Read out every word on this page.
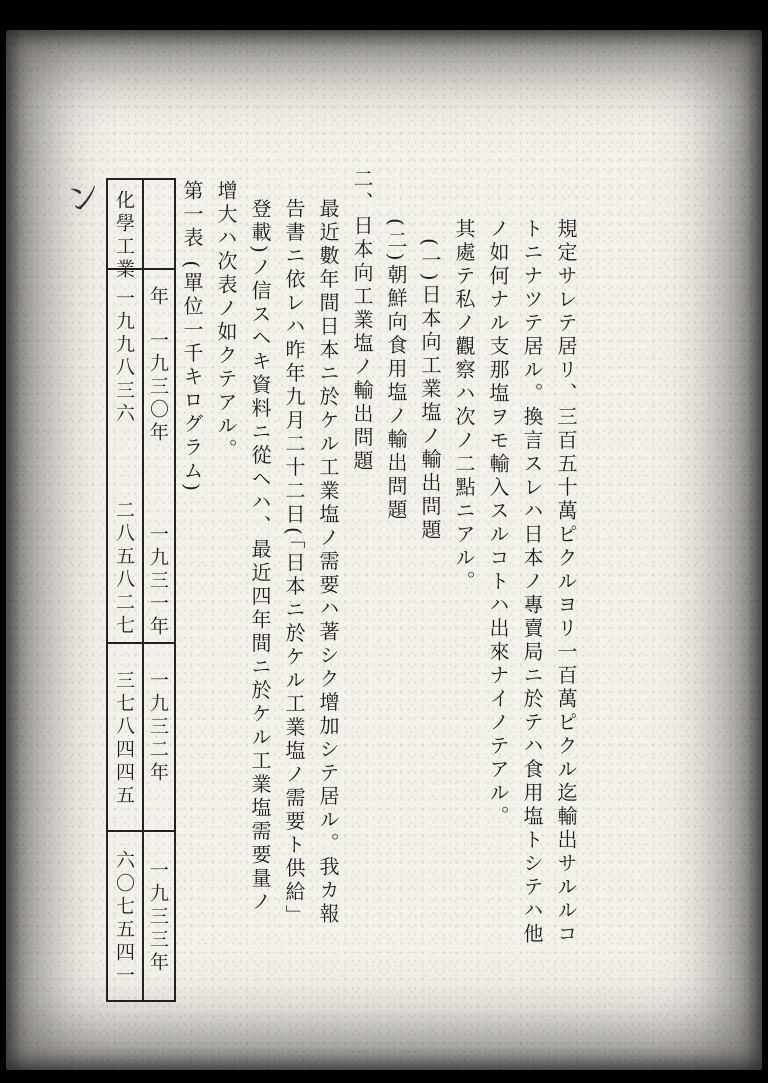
規定サレテ居リ、三百五十萬ピクルヨリ一百萬ピクル迄輸出サルルコ
トニナツテ居ル。換言スレハ日本ノ專賣局ニ於テハ食用塩トシテハ他
ノ如何ナル支那塩ヲモ輸入スルコトハ出來ナイノテアル。
其處テ私ノ觀察ハ次ノ二點ニアル。
(一)日本向工業塩ノ輸出問題
(二)朝鮮向食用塩ノ輸出問題
二、日本向工業塩ノ輸出問題
最近數年間日本ニ於ケル工業塩ノ需要ハ著シク增加シテ居ル。我カ報
告書ニ依レハ昨年九月二十二日(「日本ニ於ケル工業塩ノ需要ト供給」
登載)ノ信スヘキ資料ニ從ヘハ、最近四年間ニ於ケル工業塩需要量ノ
增大ハ次表ノ如クテアル。
第一表 (單位一千キログラム)
ン
年
一九三〇年
一九三一年
一九三二年
一九三三年
化學工業
一九九八三六
二八五八二七
三七八四四五
六〇七五四一
